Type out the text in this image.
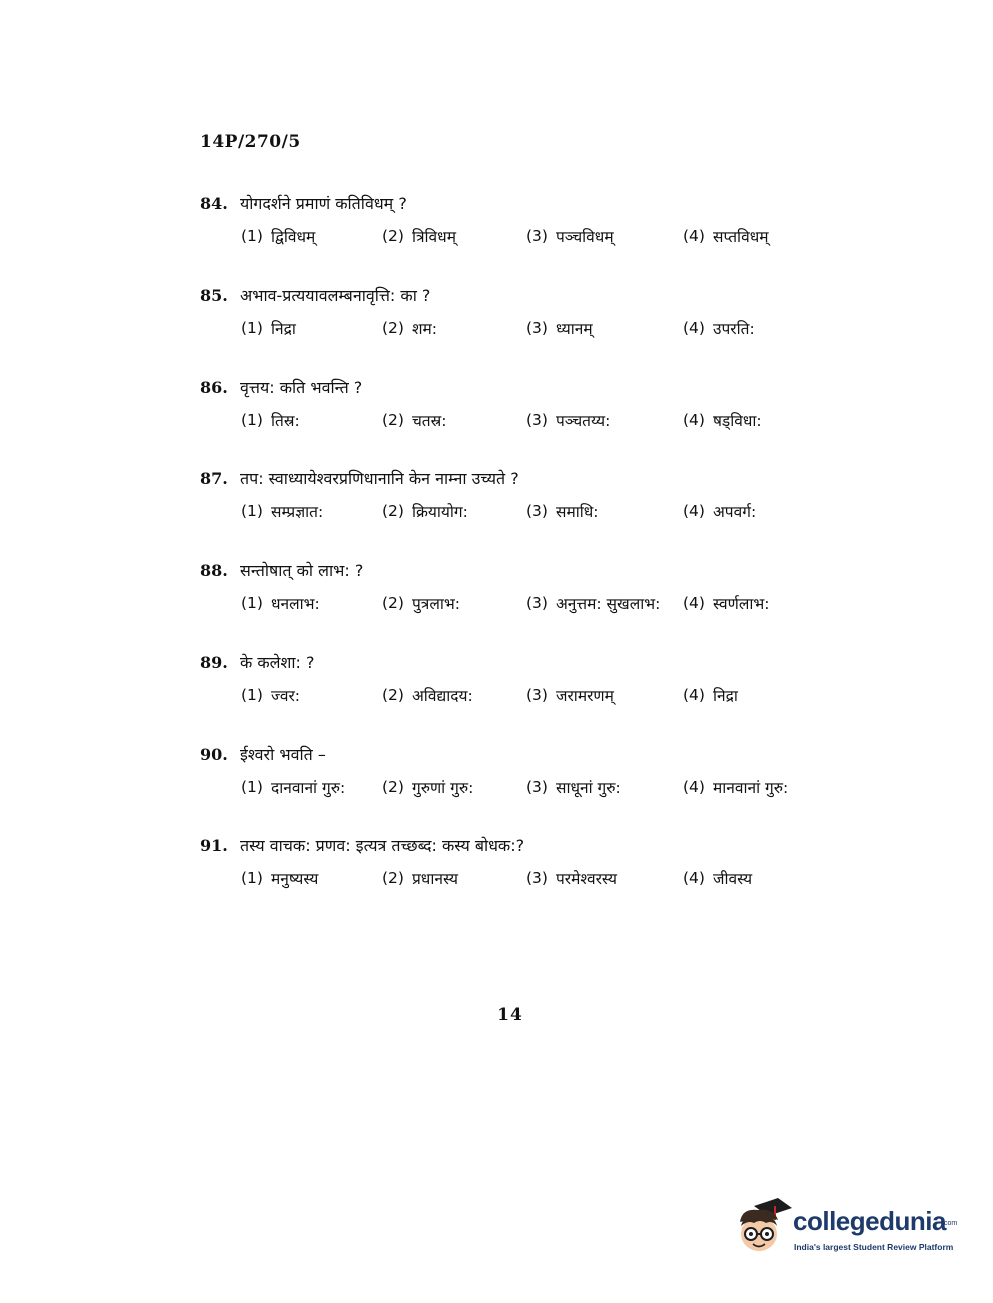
14P/270/5
84. योगदर्शने प्रमाणं कतिविधम् ?
(1) द्विविधम्	(2) त्रिविधम्	(3) पञ्चविधम्	(4) सप्तविधम्
85. अभाव-प्रत्ययावलम्बनावृत्ति: का ?
(1) निद्रा	(2) शम:	(3) ध्यानम्	(4) उपरति:
86. वृत्तय: कति भवन्ति ?
(1) तिस्र:	(2) चतस्र:	(3) पञ्चतय्य:	(4) षड्विधा:
87. तप: स्वाध्यायेश्वरप्रणिधानानि केन नाम्ना उच्यते ?
(1) सम्प्रज्ञात:	(2) क्रियायोग:	(3) समाधि:	(4) अपवर्ग:
88. सन्तोषात् को लाभ: ?
(1) धनलाभ:	(2) पुत्रलाभ:	(3) अनुत्तम: सुखलाभ: (4) स्वर्णलाभ:
89. के कलेशा: ?
(1) ज्वर:	(2) अविद्यादय:	(3) जरामरणम्	(4) निद्रा
90. ईश्वरो भवति –
(1) दानवानां गुरु: (2) गुरुणां गुरु:	(3) साधूनां गुरु:	(4) मानवानां गुरु:
91. तस्य वाचक: प्रणव: इत्यत्र तच्छब्द: कस्य बोधक:?
(1) मनुष्यस्य	(2) प्रधानस्य	(3) परमेश्वरस्य	(4) जीवस्य
14
collegedunia
.com
India's largest Student Review Platform
